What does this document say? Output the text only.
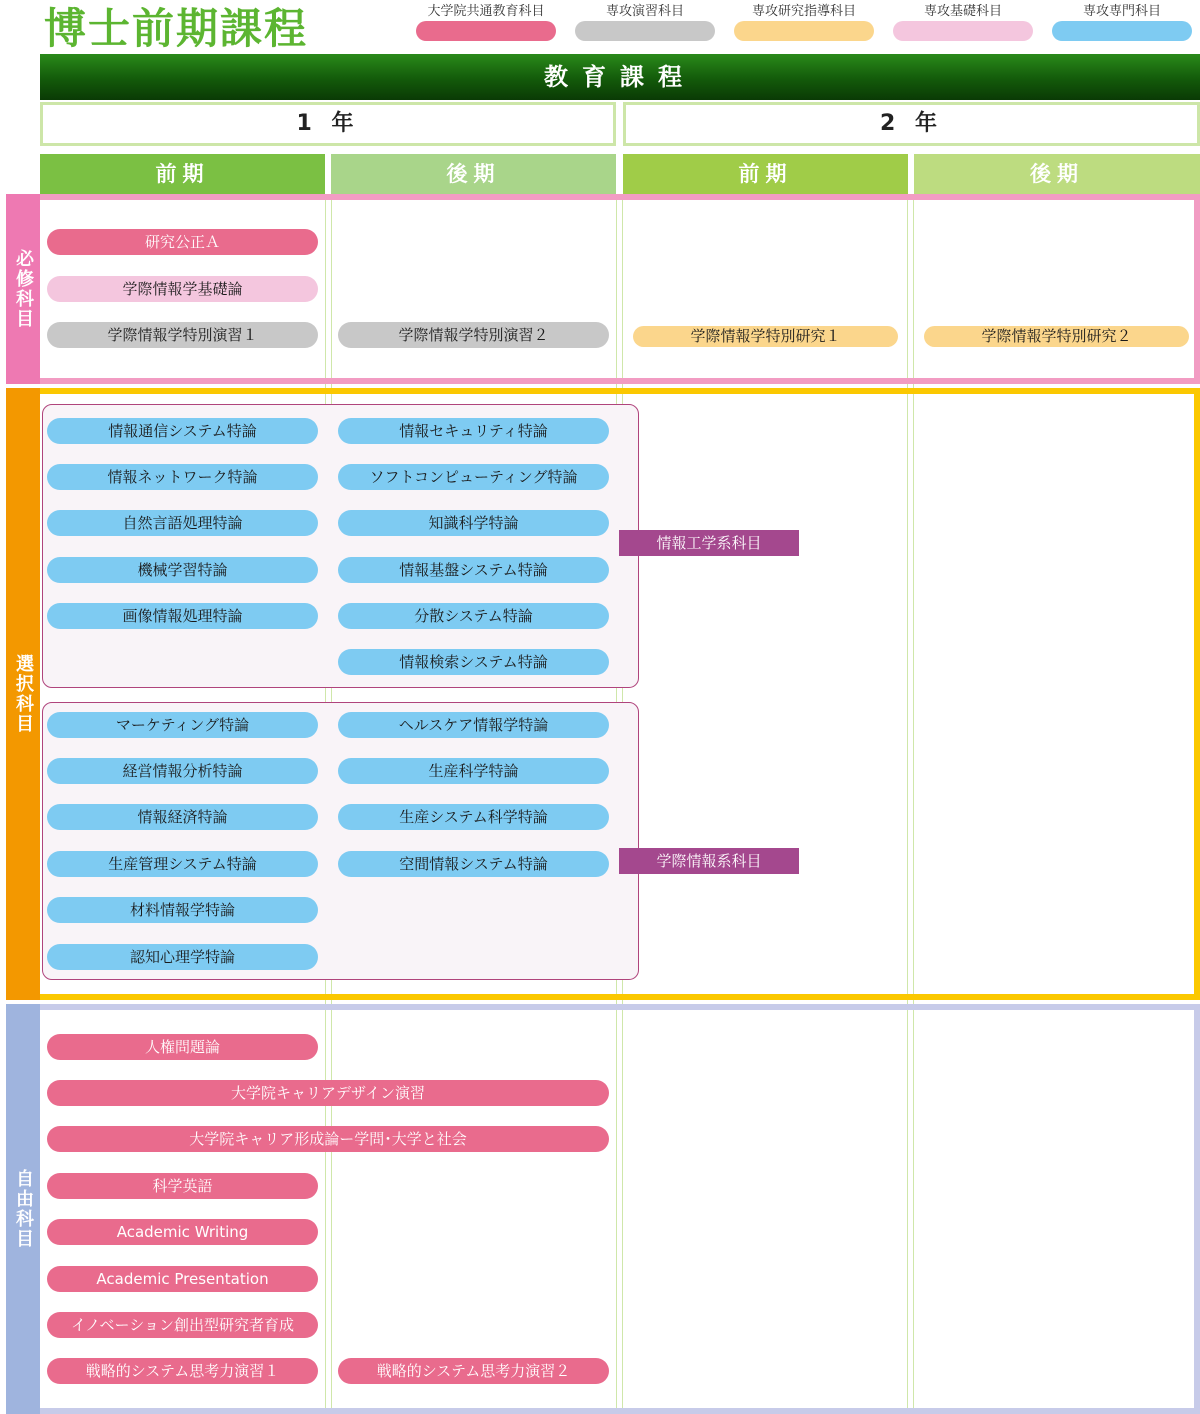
博士前期課程	大学院共通教育科目	専攻演習科目	専攻研究指導科目	専攻基礎科目	専攻専門科目
教育課程
1 年	2 年
前期	後期	前期	後期
必修科目
選択科目
自由科目
研究公正Ａ
学際情報学基礎論
学際情報学特別演習１	学際情報学特別演習２	学際情報学特別研究１	学際情報学特別研究２
情報通信システム特論
情報ネットワーク特論
自然言語処理特論
機械学習特論
画像情報処理特論
情報セキュリティ特論
ソフトコンピューティング特論
知識科学特論
情報基盤システム特論
分散システム特論
情報検索システム特論
情報工学系科目
マーケティング特論
経営情報分析特論
情報経済特論
生産管理システム特論
材料情報学特論
認知心理学特論
ヘルスケア情報学特論
生産科学特論
生産システム科学特論
空間情報システム特論	学際情報系科目
人権問題論
大学院キャリアデザイン演習
大学院キャリア形成論ー学問･大学と社会
科学英語
Academic Writing
Academic Presentation
イノベーション創出型研究者育成
戦略的システム思考力演習１	戦略的システム思考力演習２
